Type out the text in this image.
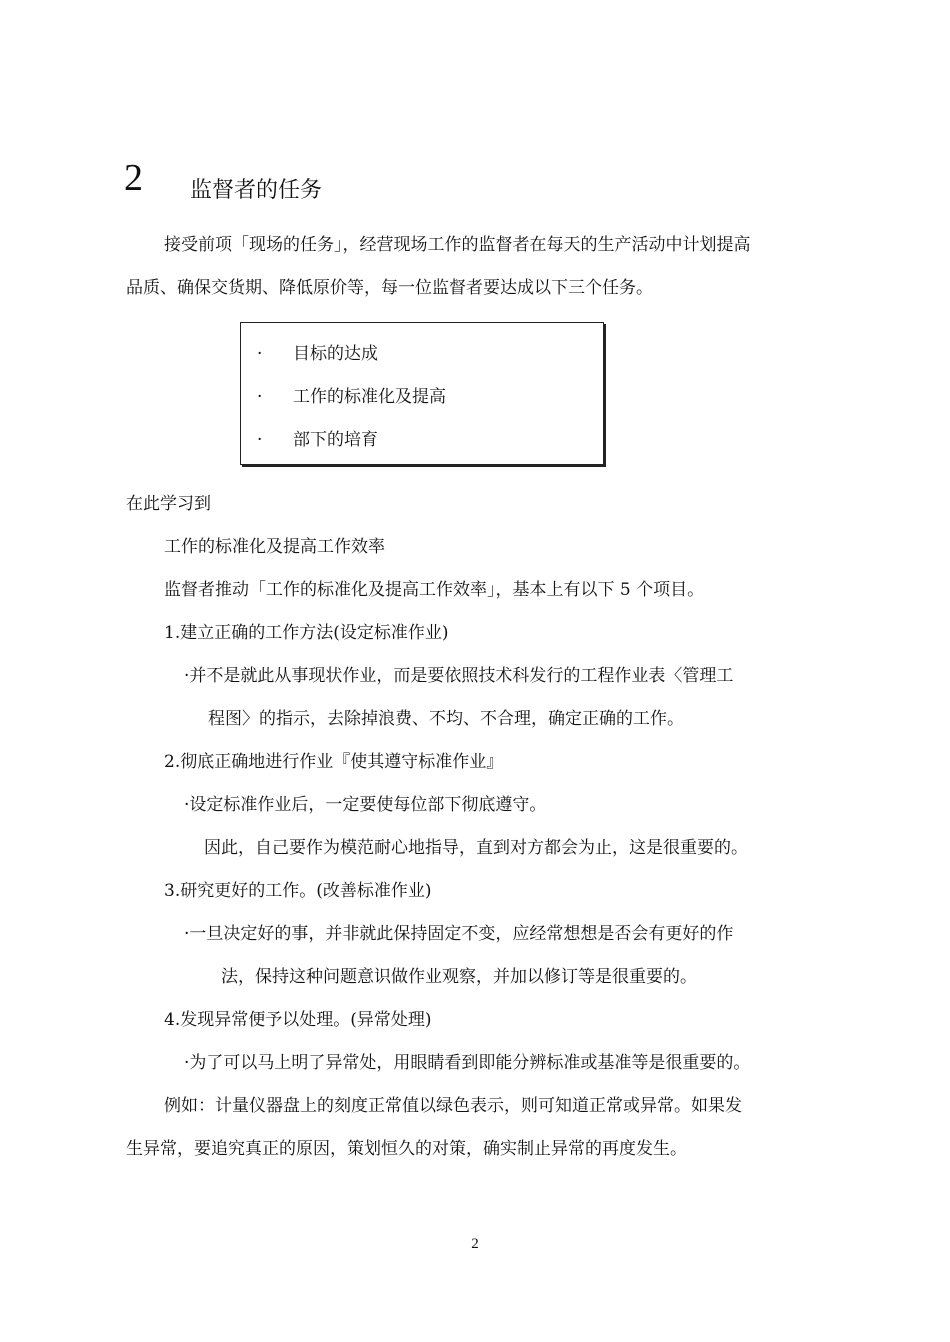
2 监督者的任务
接受前项「现场的任务」，经营现场工作的监督者在每天的生产活动中计划提高
品质、确保交货期、降低原价等，每一位监督者要达成以下三个任务。
· 目标的达成
· 工作的标准化及提高
· 部下的培育
在此学习到
工作的标准化及提高工作效率
监督者推动「工作的标准化及提高工作效率」，基本上有以下 5 个项目。
1.建立正确的工作方法(设定标准作业)
·并不是就此从事现状作业，而是要依照技术科发行的工程作业表〈管理工
程图〉的指示，去除掉浪费、不均、不合理，确定正确的工作。
2.彻底正确地进行作业『使其遵守标准作业』
·设定标准作业后，一定要使每位部下彻底遵守。
因此，自己要作为模范耐心地指导，直到对方都会为止，这是很重要的。
3.研究更好的工作。(改善标准作业)
·一旦决定好的事，并非就此保持固定不变，应经常想想是否会有更好的作
法，保持这种问题意识做作业观察，并加以修订等是很重要的。
4.发现异常便予以处理。(异常处理)
·为了可以马上明了异常处，用眼睛看到即能分辨标准或基准等是很重要的。
例如：计量仪器盘上的刻度正常值以绿色表示，则可知道正常或异常。如果发
生异常，要追究真正的原因，策划恒久的对策，确实制止异常的再度发生。
2
